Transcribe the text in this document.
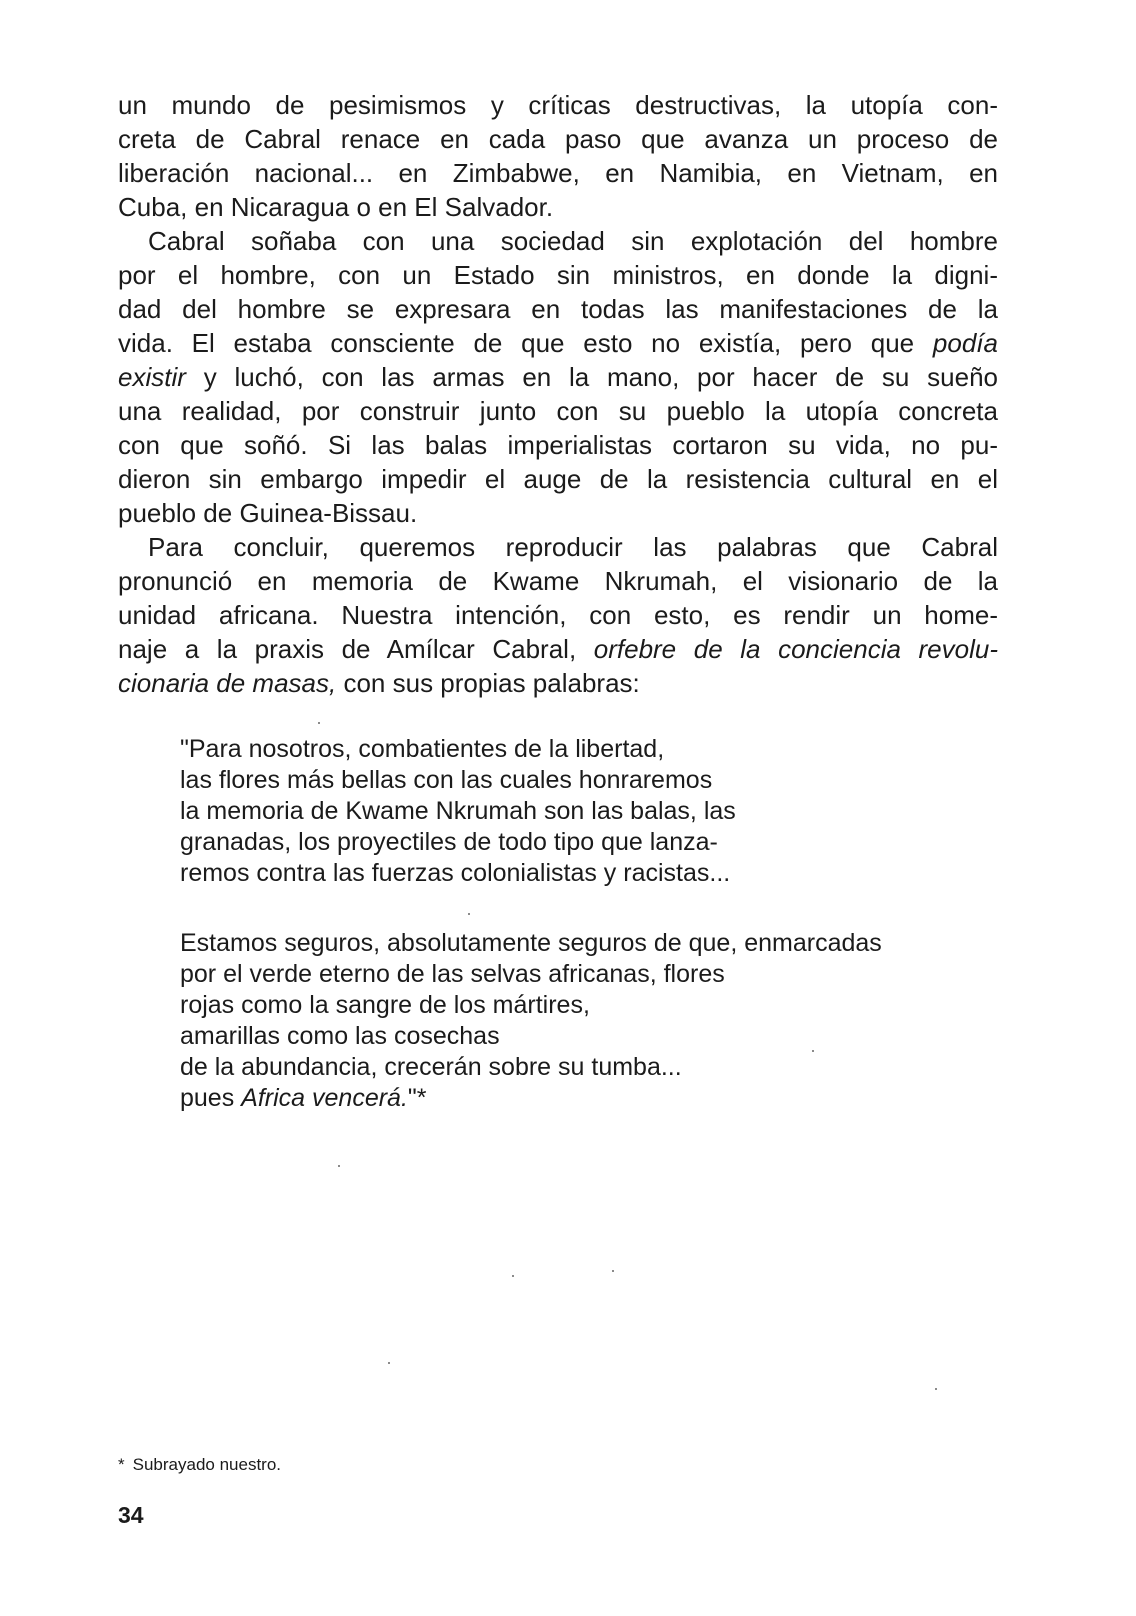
un mundo de pesimismos y críticas destructivas, la utopía con-
creta de Cabral renace en cada paso que avanza un proceso de
liberación nacional... en Zimbabwe, en Namibia, en Vietnam, en
Cuba, en Nicaragua o en El Salvador.
Cabral soñaba con una sociedad sin explotación del hombre
por el hombre, con un Estado sin ministros, en donde la digni-
dad del hombre se expresara en todas las manifestaciones de la
vida. El estaba consciente de que esto no existía, pero que podía
existir y luchó, con las armas en la mano, por hacer de su sueño
una realidad, por construir junto con su pueblo la utopía concreta
con que soñó. Si las balas imperialistas cortaron su vida, no pu-
dieron sin embargo impedir el auge de la resistencia cultural en el
pueblo de Guinea-Bissau.
Para concluir, queremos reproducir las palabras que Cabral
pronunció en memoria de Kwame Nkrumah, el visionario de la
unidad africana. Nuestra intención, con esto, es rendir un home-
naje a la praxis de Amílcar Cabral, orfebre de la conciencia revolu-
cionaria de masas, con sus propias palabras:
"Para nosotros, combatientes de la libertad,
las flores más bellas con las cuales honraremos
la memoria de Kwame Nkrumah son las balas, las
granadas, los proyectiles de todo tipo que lanza-
remos contra las fuerzas colonialistas y racistas...
Estamos seguros, absolutamente seguros de que, enmarcadas
por el verde eterno de las selvas africanas, flores
rojas como la sangre de los mártires,
amarillas como las cosechas
de la abundancia, crecerán sobre su tumba...
pues Africa vencerá."*
* Subrayado nuestro.
34
